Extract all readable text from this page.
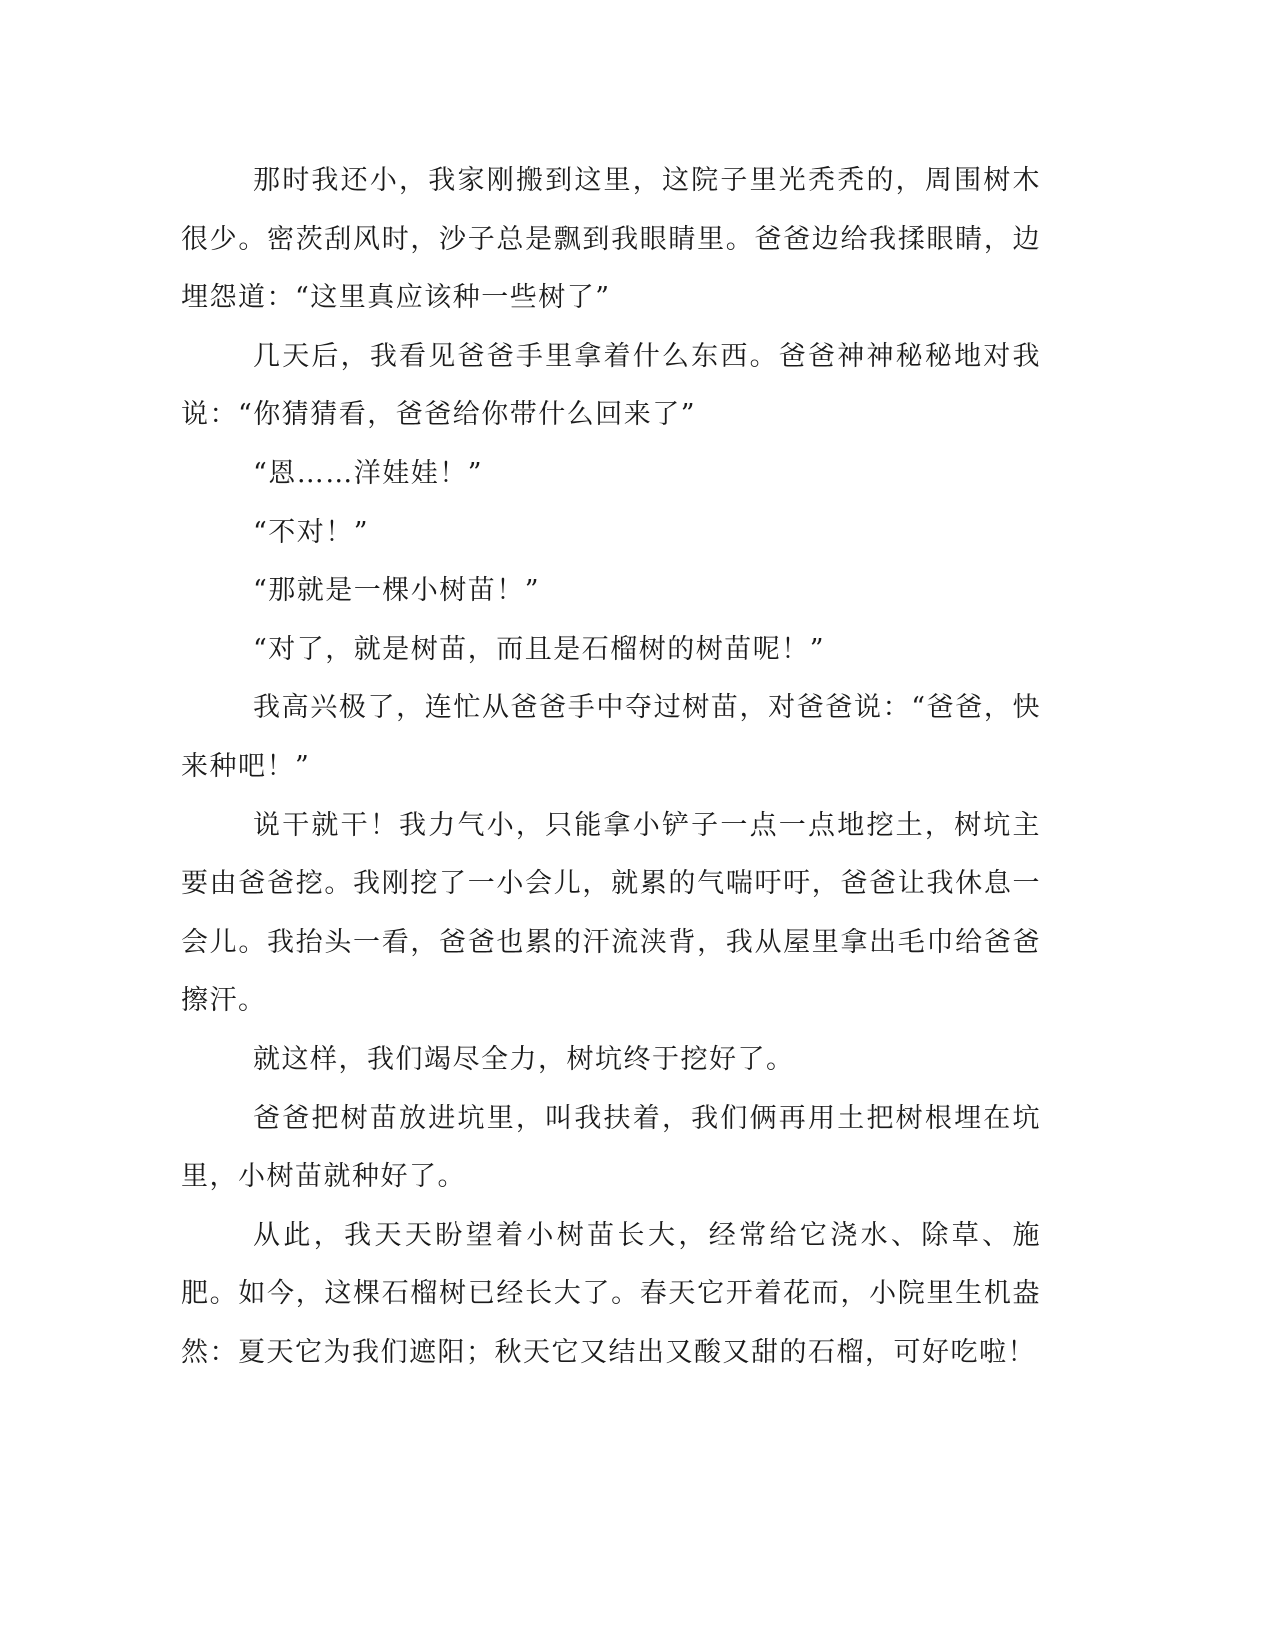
那时我还小，我家刚搬到这里，这院子里光秃秃的，周围树木很少。密茨刮风时，沙子总是飘到我眼睛里。爸爸边给我揉眼睛，边埋怨道：“这里真应该种一些树了”

几天后，我看见爸爸手里拿着什么东西。爸爸神神秘秘地对我说：“你猜猜看，爸爸给你带什么回来了”

“恩……洋娃娃！”

“不对！”

“那就是一棵小树苗！”

“对了，就是树苗，而且是石榴树的树苗呢！”

我高兴极了，连忙从爸爸手中夺过树苗，对爸爸说：“爸爸，快来种吧！”

说干就干！我力气小，只能拿小铲子一点一点地挖土，树坑主要由爸爸挖。我刚挖了一小会儿，就累的气喘吁吁，爸爸让我休息一会儿。我抬头一看，爸爸也累的汗流浃背，我从屋里拿出毛巾给爸爸擦汗。

就这样，我们竭尽全力，树坑终于挖好了。

爸爸把树苗放进坑里，叫我扶着，我们俩再用土把树根埋在坑里，小树苗就种好了。

从此，我天天盼望着小树苗长大，经常给它浇水、除草、施肥。如今，这棵石榴树已经长大了。春天它开着花而，小院里生机盎然：夏天它为我们遮阳；秋天它又结出又酸又甜的石榴，可好吃啦！
